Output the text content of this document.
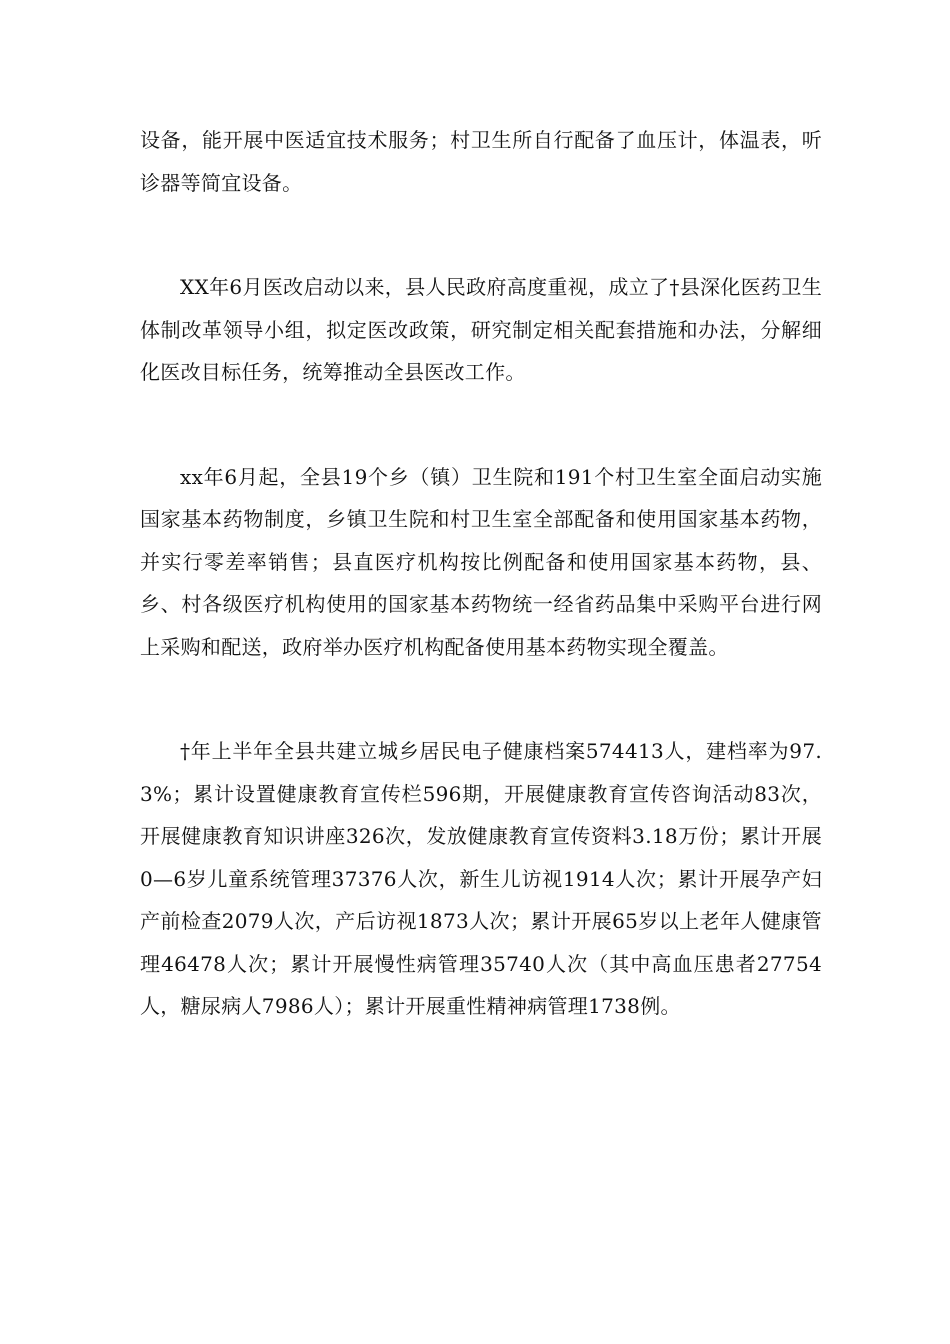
设备，能开展中医适宜技术服务；村卫生所自行配备了血压计，体温表，听诊器等简宜设备。

XX年6月医改启动以来，县人民政府高度重视，成立了†县深化医药卫生体制改革领导小组，拟定医改政策，研究制定相关配套措施和办法，分解细化医改目标任务，统筹推动全县医改工作。

xx年6月起，全县19个乡（镇）卫生院和191个村卫生室全面启动实施国家基本药物制度，乡镇卫生院和村卫生室全部配备和使用国家基本药物，并实行零差率销售；县直医疗机构按比例配备和使用国家基本药物，县、乡、村各级医疗机构使用的国家基本药物统一经省药品集中采购平台进行网上采购和配送，政府举办医疗机构配备使用基本药物实现全覆盖。

†年上半年全县共建立城乡居民电子健康档案574413人，建档率为97.3%；累计设置健康教育宣传栏596期，开展健康教育宣传咨询活动83次，开展健康教育知识讲座326次，发放健康教育宣传资料3.18万份；累计开展0—6岁儿童系统管理37376人次，新生儿访视1914人次；累计开展孕产妇产前检查2079人次，产后访视1873人次；累计开展65岁以上老年人健康管理46478人次；累计开展慢性病管理35740人次（其中高血压患者27754人，糖尿病人7986人）；累计开展重性精神病管理1738例。
